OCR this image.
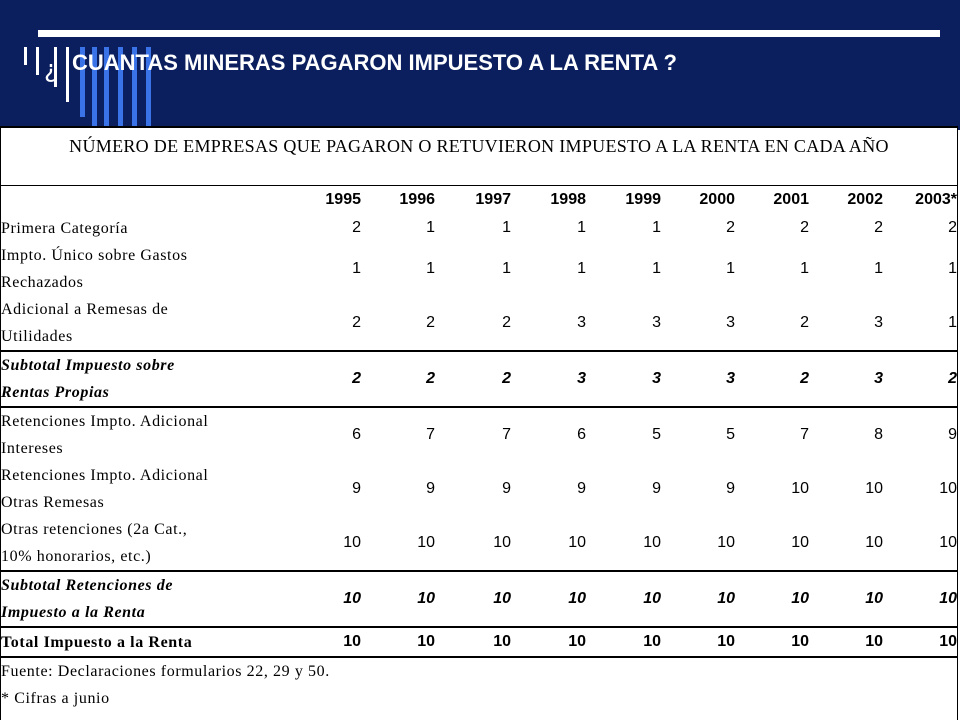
¿ CUANTAS MINERAS PAGARON IMPUESTO A LA RENTA ?
NÚMERO DE EMPRESAS QUE PAGARON O RETUVIERON IMPUESTO A LA RENTA EN CADA AÑO
	1995	1996	1997	1998	1999	2000	2001	2002	2003*

Primera Categoría	2	1	1	1	1	2	2	2	2

Impto. Único sobre Gastos
Rechazados	1	1	1	1	1	1	1	1	1

Adicional a Remesas de
Utilidades	2	2	2	3	3	3	2	3	1

Subtotal Impuesto sobre
Rentas Propias	2	2	2	3	3	3	2	3	2

Retenciones Impto. Adicional
Intereses	6	7	7	6	5	5	7	8	9

Retenciones Impto. Adicional
Otras Remesas	9	9	9	9	9	9	10	10	10

Otras retenciones (2a Cat.,
10% honorarios, etc.)	10	10	10	10	10	10	10	10	10

Subtotal Retenciones de
Impuesto a la Renta	10	10	10	10	10	10	10	10	10

Total Impuesto a la Renta	10	10	10	10	10	10	10	10	10

Fuente: Declaraciones formularios 22, 29 y 50.
* Cifras a junio									
